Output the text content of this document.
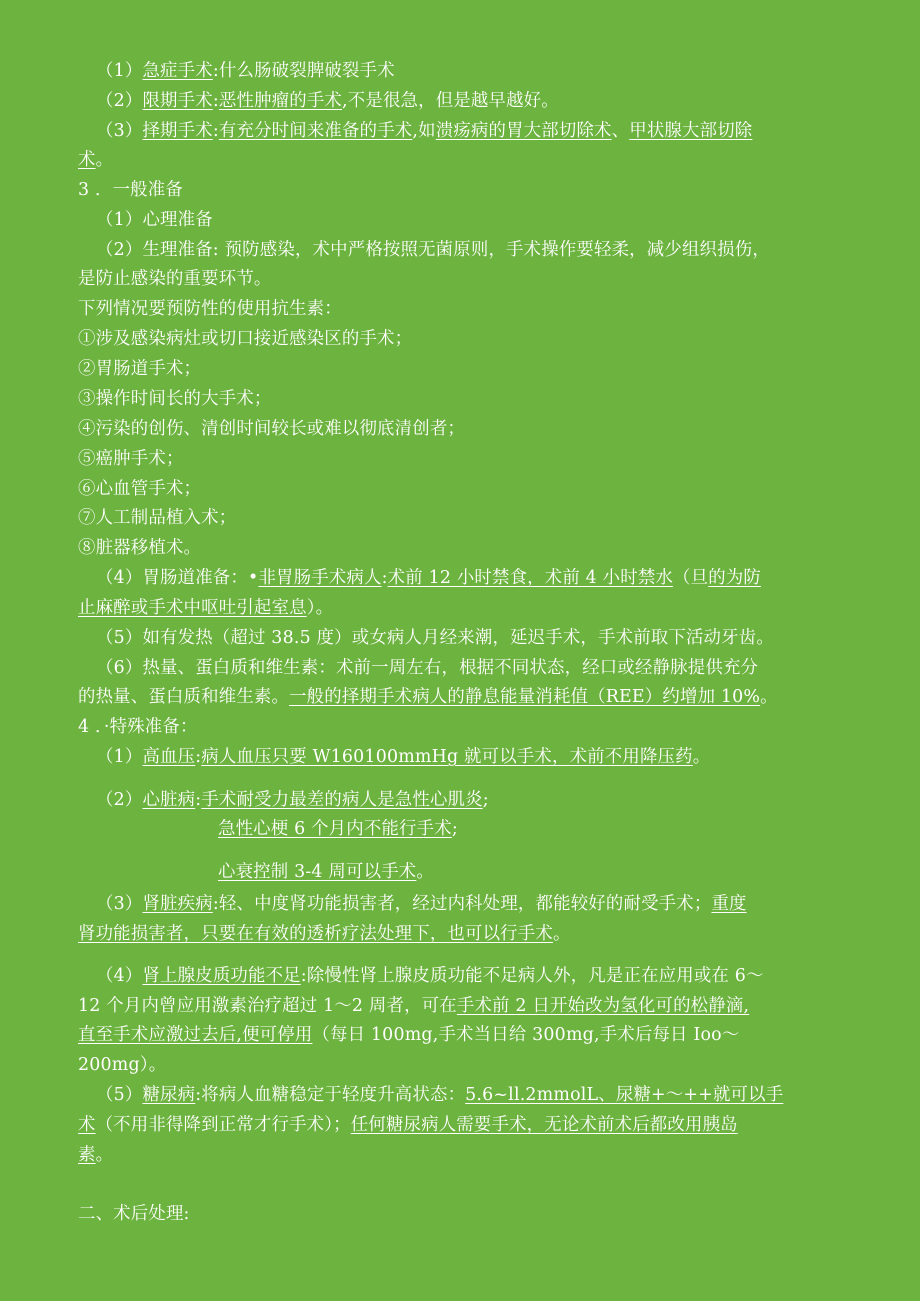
（1）急症手术:什么肠破裂脾破裂手术
（2）限期手术:恶性肿瘤的手术,不是很急，但是越早越好。
（3）择期手术:有充分时间来准备的手术,如溃疡病的胃大部切除术、甲状腺大部切除
术。
3 ．一般准备
（1）心理准备
（2）生理准备: 预防感染，术中严格按照无菌原则，手术操作要轻柔，减少组织损伤，
是防止感染的重要环节。
下列情况要预防性的使用抗生素：
①涉及感染病灶或切口接近感染区的手术；
②胃肠道手术；
③操作时间长的大手术；
④污染的创伤、清创时间较长或难以彻底清创者；
⑤癌肿手术；
⑥心血管手术；
⑦人工制品植入术；
⑧脏器移植术。
（4）胃肠道准备：•非胃肠手术病人:术前 12 小时禁食，术前 4 小时禁水（旦的为防
止麻醉或手术中呕吐引起室息）。
（5）如有发热（超过 38.5 度）或女病人月经来潮，延迟手术，手术前取下活动牙齿。
（6）热量、蛋白质和维生素：术前一周左右，根据不同状态，经口或经静脉提供充分
的热量、蛋白质和维生素。一般的择期手术病人的静息能量消耗值（REE）约增加 10%。
4 ．·特殊准备：
（1）高血压:病人血压只要 W160100mmHg 就可以手术，术前不用降压药。
（2）心脏病:手术耐受力最差的病人是急性心肌炎;
急性心梗 6 个月内不能行手术;
心衰控制 3-4 周可以手术。
（3）肾脏疾病:轻、中度肾功能损害者，经过内科处理，都能较好的耐受手术；重度
肾功能损害者，只要在有效的透析疗法处理下，也可以行手术。
（4）肾上腺皮质功能不足:除慢性肾上腺皮质功能不足病人外，凡是正在应用或在 6～
12 个月内曾应用激素治疗超过 1～2 周者，可在手术前 2 日开始改为氢化可的松静滴,
直至手术应激过去后,便可停用（每日 100mg,手术当日给 300mg,手术后每日 Ioo～
200mg）。
（5）糖尿病:将病人血糖稳定于轻度升高状态：5.6~ll.2mmolL、尿糖+～++就可以手
术（不用非得降到正常才行手术）；任何糖尿病人需要手术，无论术前术后都改用胰岛
素。
二、术后处理:
